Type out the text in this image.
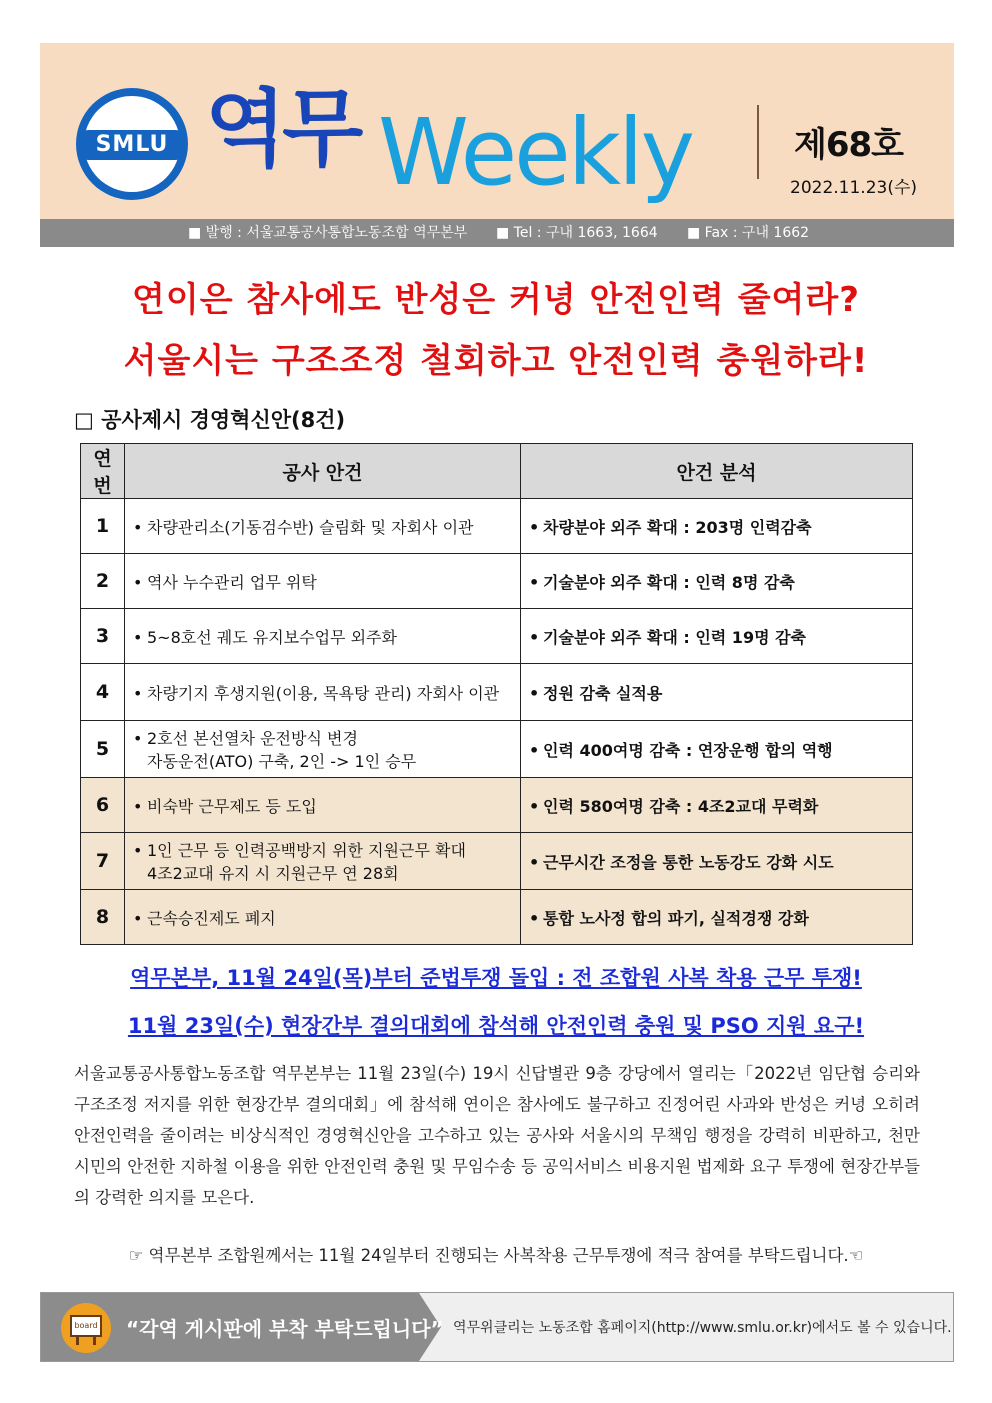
SMLU 역무 Weekly	제68호
2022.11.23(수)
■ 발행 : 서울교통공사통합노동조합 역무본부 ■ Tel : 구내 1663, 1664 ■ Fax : 구내 1662
연이은 참사에도 반성은 커녕 안전인력 줄여라?
서울시는 구조조정 철회하고 안전인력 충원하라!
□ 공사제시 경영혁신안(8건)
연번	공사 안건	안건 분석
1	• 차량관리소(기동검수반) 슬림화 및 자회사 이관	• 차량분야 외주 확대 : 203명 인력감축
2	• 역사 누수관리 업무 위탁	• 기술분야 외주 확대 : 인력 8명 감축
3	• 5~8호선 궤도 유지보수업무 외주화	• 기술분야 외주 확대 : 인력 19명 감축
4	• 차량기지 후생지원(이용, 목욕탕 관리) 자회사 이관	• 정원 감축 실적용
5	• 2호선 본선열차 운전방식 변경
자동운전(ATO) 구축, 2인 -> 1인 승무	• 인력 400여명 감축 : 연장운행 합의 역행
6	• 비숙박 근무제도 등 도입	• 인력 580여명 감축 : 4조2교대 무력화
7	• 1인 근무 등 인력공백방지 위한 지원근무 확대
4조2교대 유지 시 지원근무 연 28회	• 근무시간 조정을 통한 노동강도 강화 시도
8	• 근속승진제도 폐지	• 통합 노사정 합의 파기, 실적경쟁 강화
역무본부, 11월 24일(목)부터 준법투쟁 돌입 : 전 조합원 사복 착용 근무 투쟁!
11월 23일(수) 현장간부 결의대회에 참석해 안전인력 충원 및 PSO 지원 요구!
서울교통공사통합노동조합 역무본부는 11월 23일(수) 19시 신답별관 9층 강당에서 열리는「2022년 임단협 승리와 구조조정 저지를 위한 현장간부 결의대회」에 참석해 연이은 참사에도 불구하고 진정어린 사과와 반성은 커녕 오히려 안전인력을 줄이려는 비상식적인 경영혁신안을 고수하고 있는 공사와 서울시의 무책임 행정을 강력히 비판하고, 천만 시민의 안전한 지하철 이용을 위한 안전인력 충원 및 무임수송 등 공익서비스 비용지원 법제화 요구 투쟁에 현장간부들의 강력한 의지를 모은다.
☞ 역무본부 조합원께서는 11월 24일부터 진행되는 사복착용 근무투쟁에 적극 참여를 부탁드립니다.☜
board “각역 게시판에 부착 부탁드립니다” 역무위클리는 노동조합 홈페이지(http://www.smlu.or.kr)에서도 볼 수 있습니다.
